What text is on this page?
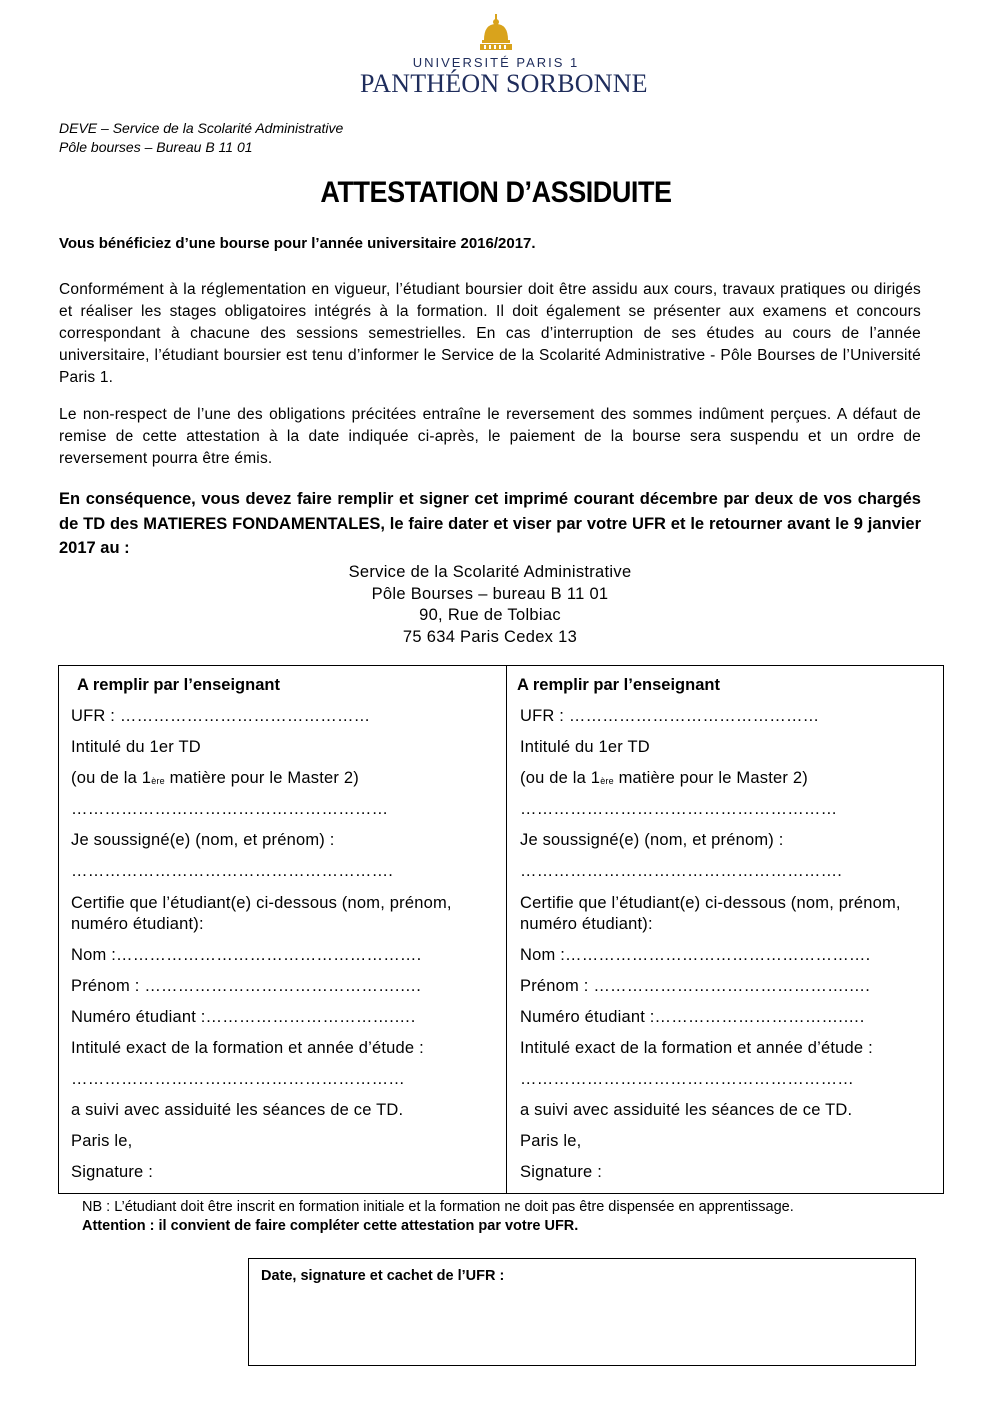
UNIVERSITÉ PARIS 1
PANTHÉON SORBONNE
DEVE – Service de la Scolarité Administrative
Pôle bourses – Bureau B 11 01
ATTESTATION D’ASSIDUITE
Vous bénéficiez d’une bourse pour l’année universitaire 2016/2017.
Conformément à la réglementation en vigueur, l’étudiant boursier doit être assidu aux cours, travaux pratiques ou dirigés et réaliser les stages obligatoires intégrés à la formation. Il doit également se présenter aux examens et concours correspondant à chacune des sessions semestrielles. En cas d’interruption de ses études au cours de l’année universitaire, l’étudiant boursier est tenu d’informer le Service de la Scolarité Administrative - Pôle Bourses de l’Université Paris 1.
Le non-respect de l’une des obligations précitées entraîne le reversement des sommes indûment perçues. A défaut de remise de cette attestation à la date indiquée ci-après, le paiement de la bourse sera suspendu et un ordre de reversement pourra être émis.
En conséquence, vous devez faire remplir et signer cet imprimé courant décembre par deux de vos chargés de TD des MATIERES FONDAMENTALES, le faire dater et viser par votre UFR et le retourner avant le 9 janvier 2017 au :
Service de la Scolarité Administrative
Pôle Bourses – bureau B 11 01
90, Rue de Tolbiac
75 634 Paris Cedex 13
A remplir par l’enseignant
UFR : ………………………………………
Intitulé du 1er TD
(ou de la $1_{ère}$ matière pour le Master 2)
…………………………………………………
Je soussigné(e) (nom, et prénom) :
………………………………………………….
Certifie que l’étudiant(e) ci-dessous (nom, prénom, numéro étudiant):
Nom :……………………………………………….
Prénom : ……………………………………….….
Numéro étudiant :…………………………….….
Intitulé exact de la formation et année d’étude :
……………………………………………………
a suivi avec assiduité les séances de ce TD.
Paris le,
Signature :
A remplir par l’enseignant
UFR : ………………………………………
Intitulé du 1er TD
(ou de la $1_{ère}$ matière pour le Master 2)
…………………………………………………
Je soussigné(e) (nom, et prénom) :
………………………………………………….
Certifie que l’étudiant(e) ci-dessous (nom, prénom, numéro étudiant):
Nom :……………………………………………….
Prénom : ……………………………………….….
Numéro étudiant :…………………………….….
Intitulé exact de la formation et année d’étude :
……………………………………………………
a suivi avec assiduité les séances de ce TD.
Paris le,
Signature :
NB : L’étudiant doit être inscrit en formation initiale et la formation ne doit pas être dispensée en apprentissage. Attention : il convient de faire compléter cette attestation par votre UFR.
Date, signature et cachet de l’UFR :
